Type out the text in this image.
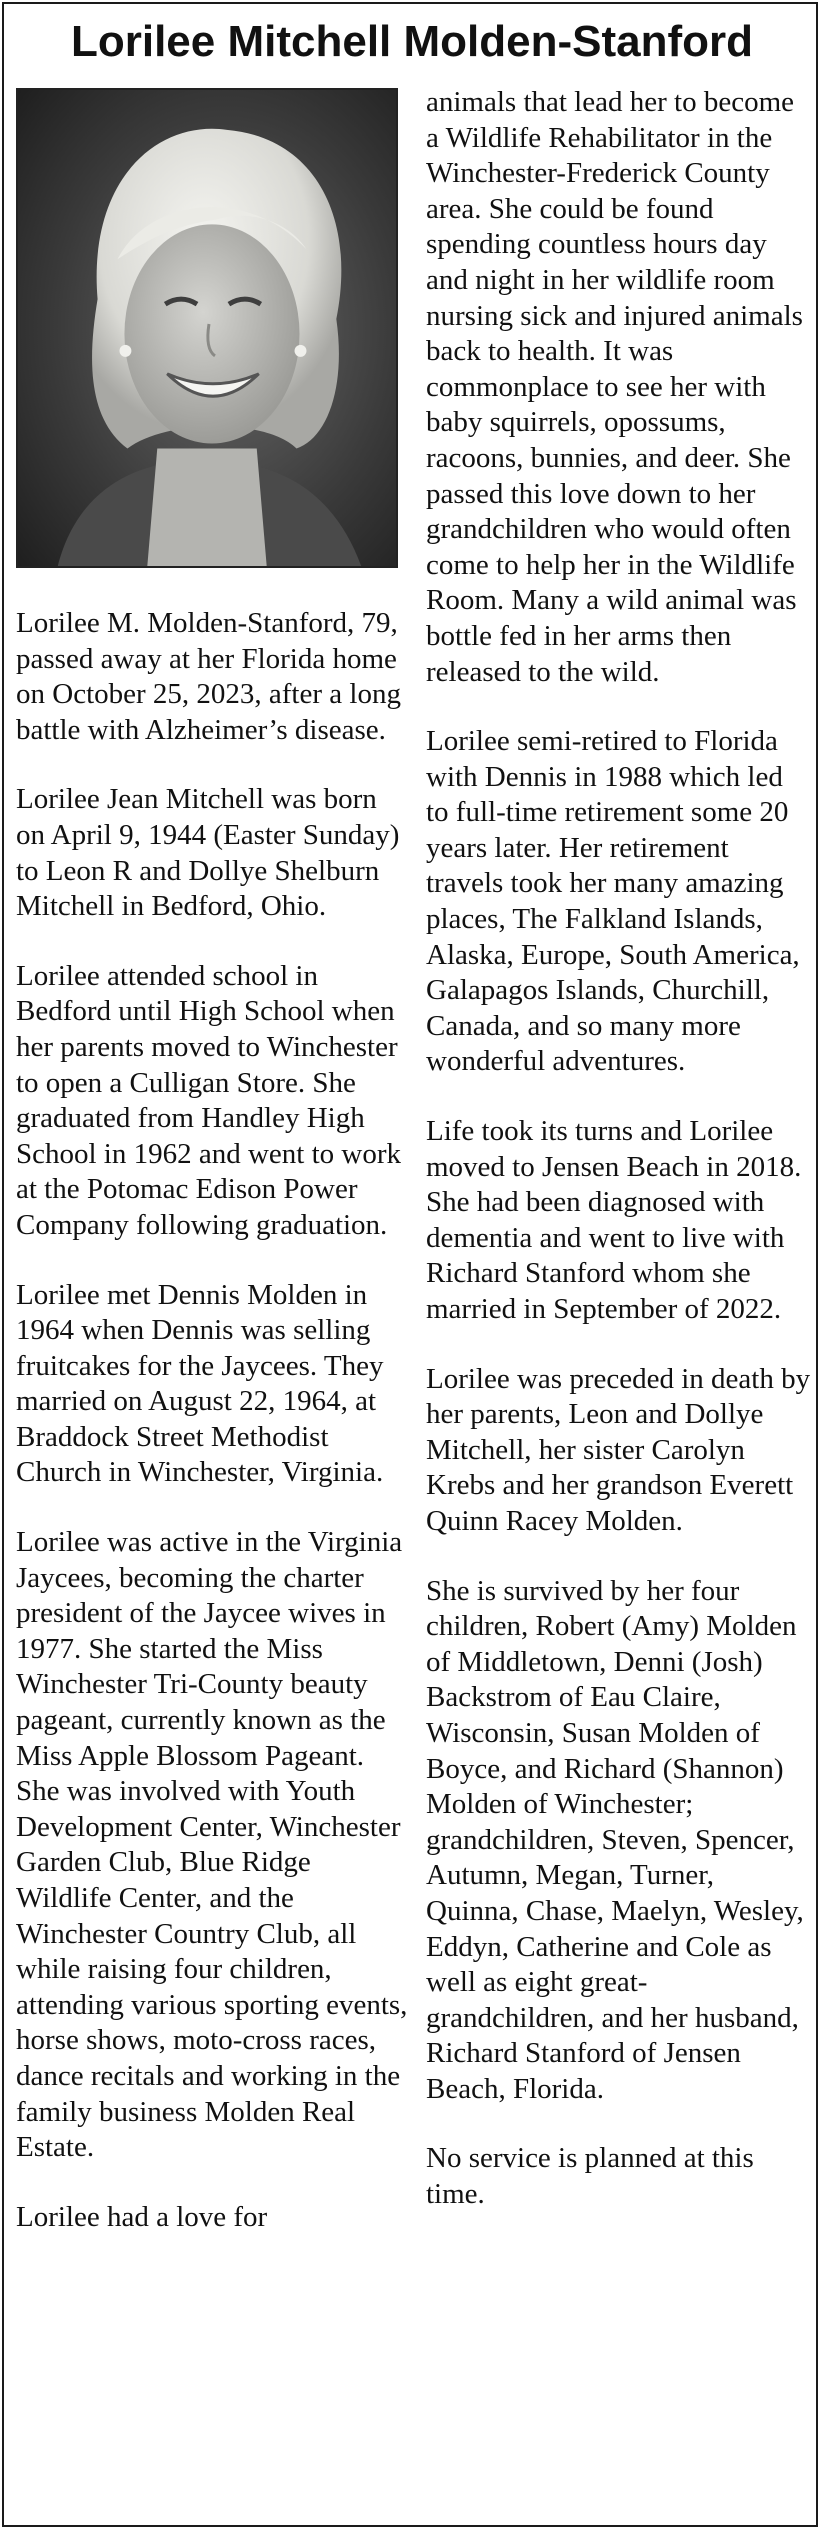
Lorilee Mitchell Molden-Stanford

Lorilee M. Molden-Stanford, 79, passed away at her Florida home on October 25, 2023, after a long battle with Alzheimer’s disease.

Lorilee Jean Mitchell was born on April 9, 1944 (Easter Sunday) to Leon R and Dollye Shelburn Mitchell in Bedford, Ohio.

Lorilee attended school in Bedford until High School when her parents moved to Winchester to open a Culligan Store. She graduated from Handley High School in 1962 and went to work at the Potomac Edison Power Company following graduation.

Lorilee met Dennis Molden in 1964 when Dennis was selling fruitcakes for the Jaycees. They married on August 22, 1964, at Braddock Street Methodist Church in Winchester, Virginia.

Lorilee was active in the Virginia Jaycees, becoming the charter president of the Jaycee wives in 1977. She started the Miss Winchester Tri-County beauty pageant, currently known as the Miss Apple Blossom Pageant. She was involved with Youth Development Center, Winchester Garden Club, Blue Ridge Wildlife Center, and the Winchester Country Club, all while raising four children, attending various sporting events, horse shows, moto-cross races, dance recitals and working in the family business Molden Real Estate.

Lorilee had a love for

animals that lead her to become a Wildlife Rehabilitator in the Winchester-Frederick County area. She could be found spending countless hours day and night in her wildlife room nursing sick and injured animals back to health. It was commonplace to see her with baby squirrels, opossums, racoons, bunnies, and deer. She passed this love down to her grandchildren who would often come to help her in the Wildlife Room. Many a wild animal was bottle fed in her arms then released to the wild.

Lorilee semi-retired to Florida with Dennis in 1988 which led to full-time retirement some 20 years later. Her retirement travels took her many amazing places, The Falkland Islands, Alaska, Europe, South America, Galapagos Islands, Churchill, Canada, and so many more wonderful adventures.

Life took its turns and Lorilee moved to Jensen Beach in 2018. She had been diagnosed with dementia and went to live with Richard Stanford whom she married in September of 2022.

Lorilee was preceded in death by her parents, Leon and Dollye Mitchell, her sister Carolyn Krebs and her grandson Everett Quinn Racey Molden.

She is survived by her four children, Robert (Amy) Molden of Middletown, Denni (Josh) Backstrom of Eau Claire, Wisconsin, Susan Molden of Boyce, and Richard (Shannon) Molden of Winchester; grandchildren, Steven, Spencer, Autumn, Megan, Turner, Quinna, Chase, Maelyn, Wesley, Eddyn, Catherine and Cole as well as eight great-grandchildren, and her husband, Richard Stanford of Jensen Beach, Florida.

No service is planned at this time.
